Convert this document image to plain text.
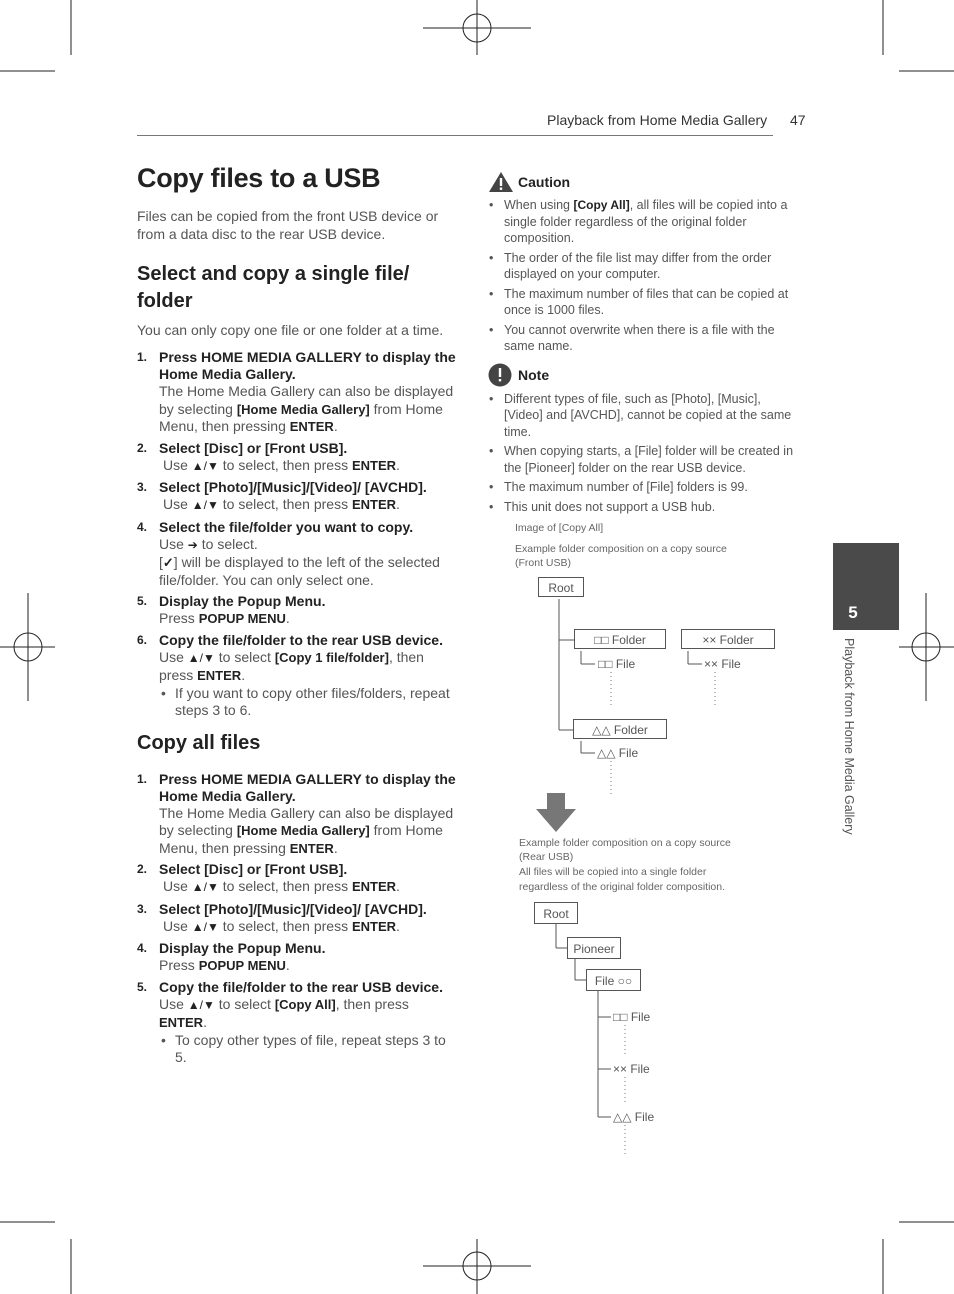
Playback from Home Media Gallery 47
Copy files to a USB

Files can be copied from the front USB device or from a data disc to the rear USB device.

Select and copy a single file/ folder

You can only copy one file or one folder at a time.

1. Press HOME MEDIA GALLERY to display the Home Media Gallery.
The Home Media Gallery can also be displayed by selecting [Home Media Gallery] from Home Menu, then pressing ENTER.
2. Select [Disc] or [Front USB].
Use ▲/▼ to select, then press ENTER.
3. Select [Photo]/[Music]/[Video]/ [AVCHD].
Use ▲/▼ to select, then press ENTER.
4. Select the file/folder you want to copy.
Use ➔ to select.
[✓] will be displayed to the left of the selected file/folder. You can only select one.
5. Display the Popup Menu.
Press POPUP MENU.
6. Copy the file/folder to the rear USB device.
Use ▲/▼ to select [Copy 1 file/folder], then press ENTER.
• If you want to copy other files/folders, repeat steps 3 to 6.
Copy all files
1. Press HOME MEDIA GALLERY to display the Home Media Gallery.
The Home Media Gallery can also be displayed by selecting [Home Media Gallery] from Home Menu, then pressing ENTER.
2. Select [Disc] or [Front USB].
Use ▲/▼ to select, then press ENTER.
3. Select [Photo]/[Music]/[Video]/ [AVCHD].
Use ▲/▼ to select, then press ENTER.
4. Display the Popup Menu.
Press POPUP MENU.
5. Copy the file/folder to the rear USB device.
Use ▲/▼ to select [Copy All], then press ENTER.
• To copy other types of file, repeat steps 3 to 5.
Caution
• When using [Copy All], all files will be copied into a single folder regardless of the original folder composition.
• The order of the file list may differ from the order displayed on your computer.
• The maximum number of files that can be copied at once is 1000 files.
• You cannot overwrite when there is a file with the same name.
Note
• Different types of file, such as [Photo], [Music], [Video] and [AVCHD], cannot be copied at the same time.
• When copying starts, a [File] folder will be created in the [Pioneer] folder on the rear USB device.
• The maximum number of [File] folders is 99.
• This unit does not support a USB hub.
Image of [Copy All]
Example folder composition on a copy source
(Front USB)
Root
□□ Folder	×× Folder
△△ Folder
□□ File	×× File
△△ File
Example folder composition on a copy source
(Rear USB)
All files will be copied into a single folder
regardless of the original folder composition.
Root
Pioneer
File ○○
□□ File
×× File
△△ File
5
Playback from Home Media Gallery
